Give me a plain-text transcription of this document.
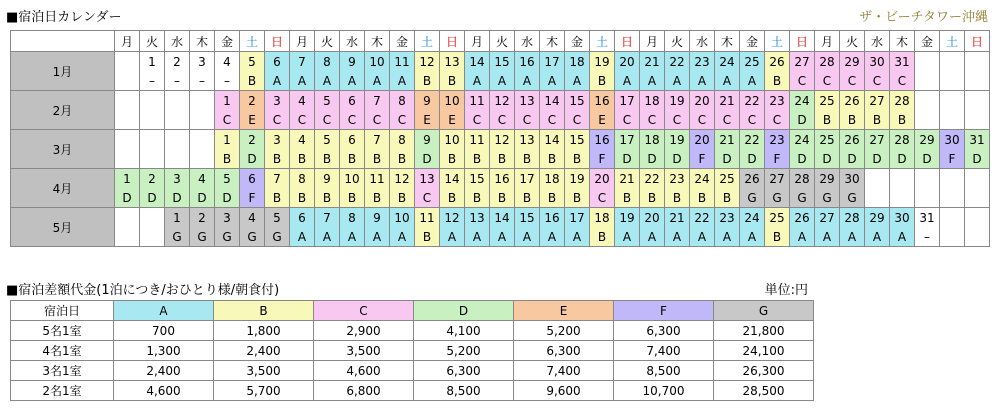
■宿泊日カレンダー	ザ・ビーチタワー沖縄
	月	火	水	木	金	土	日	月	火	水	木	金	土	日	月	火	水	木	金	土	日	月	火	水	木	金	土	日	月	火	水	木	金	土	日
1月		1	2	3	4	5	6	7	8	9	10	11	12	13	14	15	16	17	18	19	20	21	22	23	24	25	26	27	28	29	30	31			
		–	–	–	–	B	A	A	A	A	A	A	B	B	A	A	A	A	A	B	A	A	A	A	A	A	B	C	C	C	C	C			
2月					1	2	3	4	5	6	7	8	9	10	11	12	13	14	15	16	17	18	19	20	21	22	23	24	25	26	27	28			
					C	E	C	C	C	C	C	C	E	E	C	C	C	C	C	E	C	C	C	C	C	C	C	D	B	B	B	B			
3月					1	2	3	4	5	6	7	8	9	10	11	12	13	14	15	16	17	18	19	20	21	22	23	24	25	26	27	28	29	30	31
					B	D	B	B	B	B	B	B	D	B	B	B	B	B	B	F	D	D	D	F	D	D	F	D	D	D	D	D	D	F	D
4月	1	2	3	4	5	6	7	8	9	10	11	12	13	14	15	16	17	18	19	20	21	22	23	24	25	26	27	28	29	30					
	D	D	D	D	D	F	B	B	B	B	B	B	C	B	B	B	B	B	B	C	B	B	B	B	B	G	G	G	G	G					
5月			1	2	3	4	5	6	7	8	9	10	11	12	13	14	15	16	17	18	19	20	21	22	23	24	25	26	27	28	29	30	31		
			G	G	G	G	G	A	A	A	A	A	B	A	A	A	A	A	A	B	A	A	A	A	A	A	B	A	A	A	A	A	–		
■宿泊差額代金(1泊につき/おひとり様/朝食付)	単位:円
宿泊日	A	B	C	D	E	F	G
5名1室	700	1,800	2,900	4,100	5,200	6,300	21,800
4名1室	1,300	2,400	3,500	5,200	6,300	7,400	24,100
3名1室	2,400	3,500	4,600	6,300	7,400	8,500	26,300
2名1室	4,600	5,700	6,800	8,500	9,600	10,700	28,500
